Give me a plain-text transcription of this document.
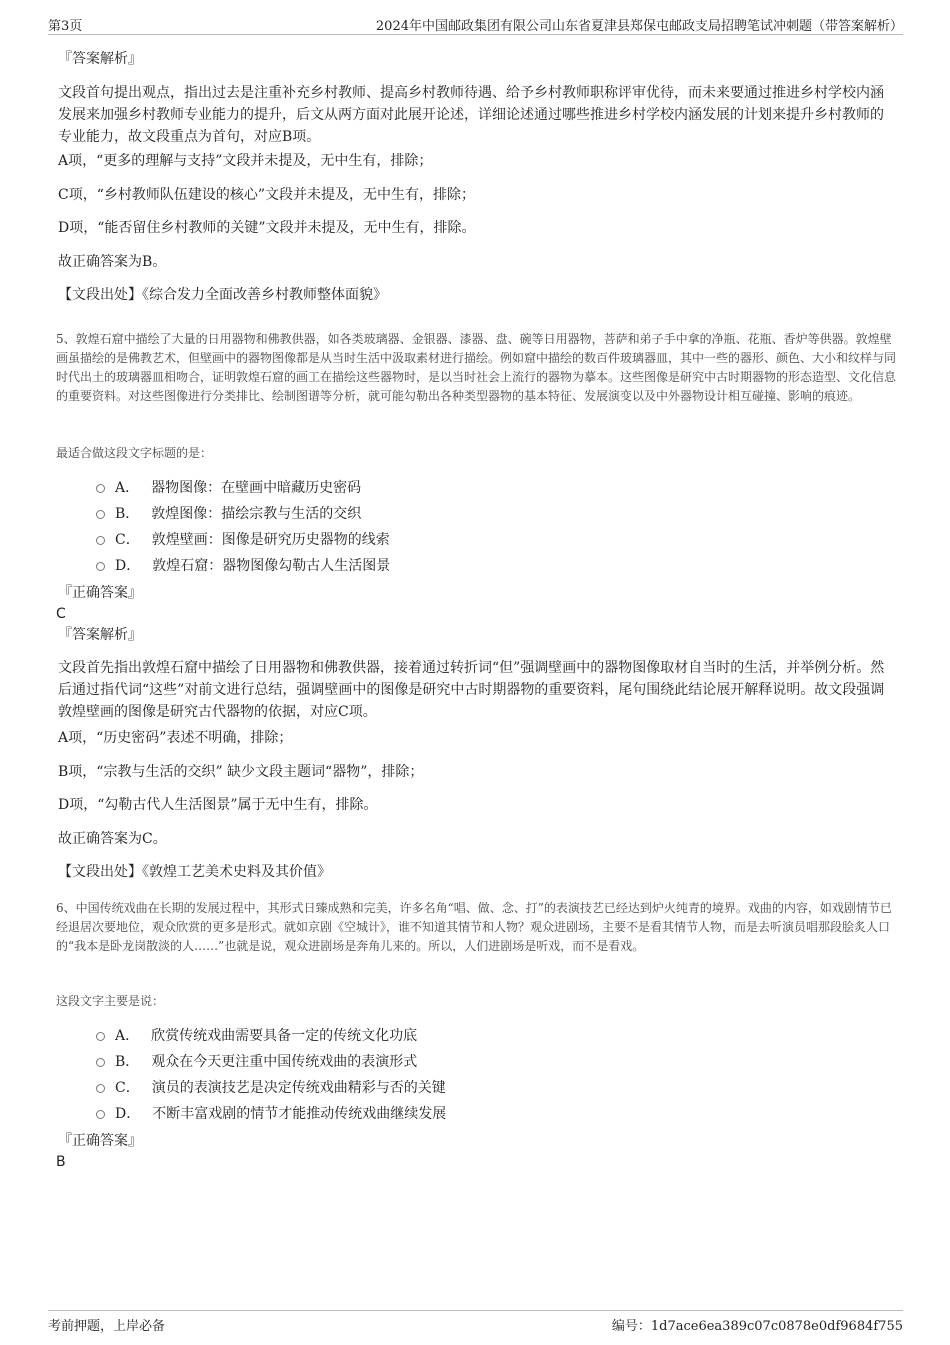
第3页	2024年中国邮政集团有限公司山东省夏津县郑保屯邮政支局招聘笔试冲刺题（带答案解析）
『答案解析』
文段首句提出观点，指出过去是注重补充乡村教师、提高乡村教师待遇、给予乡村教师职称评审优待，而未来要通过推进乡村学校内涵发展来加强乡村教师专业能力的提升，后文从两方面对此展开论述，详细论述通过哪些推进乡村学校内涵发展的计划来提升乡村教师的专业能力，故文段重点为首句，对应B项。
A项，“更多的理解与支持”文段并未提及，无中生有，排除；
C项，“乡村教师队伍建设的核心”文段并未提及，无中生有，排除；
D项，“能否留住乡村教师的关键”文段并未提及，无中生有，排除。
故正确答案为B。
【文段出处】《综合发力全面改善乡村教师整体面貌》
5、敦煌石窟中描绘了大量的日用器物和佛教供器，如各类玻璃器、金银器、漆器、盘、碗等日用器物，菩萨和弟子手中拿的净瓶、花瓶、香炉等供器。敦煌壁画虽描绘的是佛教艺术，但壁画中的器物图像都是从当时生活中汲取素材进行描绘。例如窟中描绘的数百件玻璃器皿，其中一些的器形、颜色、大小和纹样与同时代出土的玻璃器皿相吻合，证明敦煌石窟的画工在描绘这些器物时，是以当时社会上流行的器物为摹本。这些图像是研究中古时期器物的形态造型、文化信息的重要资料。对这些图像进行分类排比、绘制图谱等分析，就可能勾勒出各种类型器物的基本特征、发展演变以及中外器物设计相互碰撞、影响的痕迹。
最适合做这段文字标题的是：
A． 器物图像：在壁画中暗藏历史密码
B． 敦煌图像：描绘宗教与生活的交织
C． 敦煌壁画：图像是研究历史器物的线索
D． 敦煌石窟：器物图像勾勒古人生活图景
『正确答案』
C
『答案解析』
文段首先指出敦煌石窟中描绘了日用器物和佛教供器，接着通过转折词“但”强调壁画中的器物图像取材自当时的生活，并举例分析。然后通过指代词“这些”对前文进行总结，强调壁画中的图像是研究中古时期器物的重要资料，尾句围绕此结论展开解释说明。故文段强调敦煌壁画的图像是研究古代器物的依据，对应C项。
A项，“历史密码”表述不明确，排除；
B项，“宗教与生活的交织” 缺少文段主题词“器物”，排除；
D项，“勾勒古代人生活图景”属于无中生有，排除。
故正确答案为C。
【文段出处】《敦煌工艺美术史料及其价值》
6、中国传统戏曲在长期的发展过程中，其形式日臻成熟和完美，许多名角“唱、做、念、打”的表演技艺已经达到炉火纯青的境界。戏曲的内容，如戏剧情节已经退居次要地位，观众欣赏的更多是形式。就如京剧《空城计》，谁不知道其情节和人物？观众进剧场，主要不是看其情节人物，而是去听演员唱那段脍炙人口的“我本是卧龙岗散淡的人……”也就是说，观众进剧场是奔角儿来的。所以，人们进剧场是听戏，而不是看戏。
这段文字主要是说：
A． 欣赏传统戏曲需要具备一定的传统文化功底
B． 观众在今天更注重中国传统戏曲的表演形式
C． 演员的表演技艺是决定传统戏曲精彩与否的关键
D． 不断丰富戏剧的情节才能推动传统戏曲继续发展
『正确答案』
B
考前押题，上岸必备	编号：1d7ace6ea389c07c0878e0df9684f755
